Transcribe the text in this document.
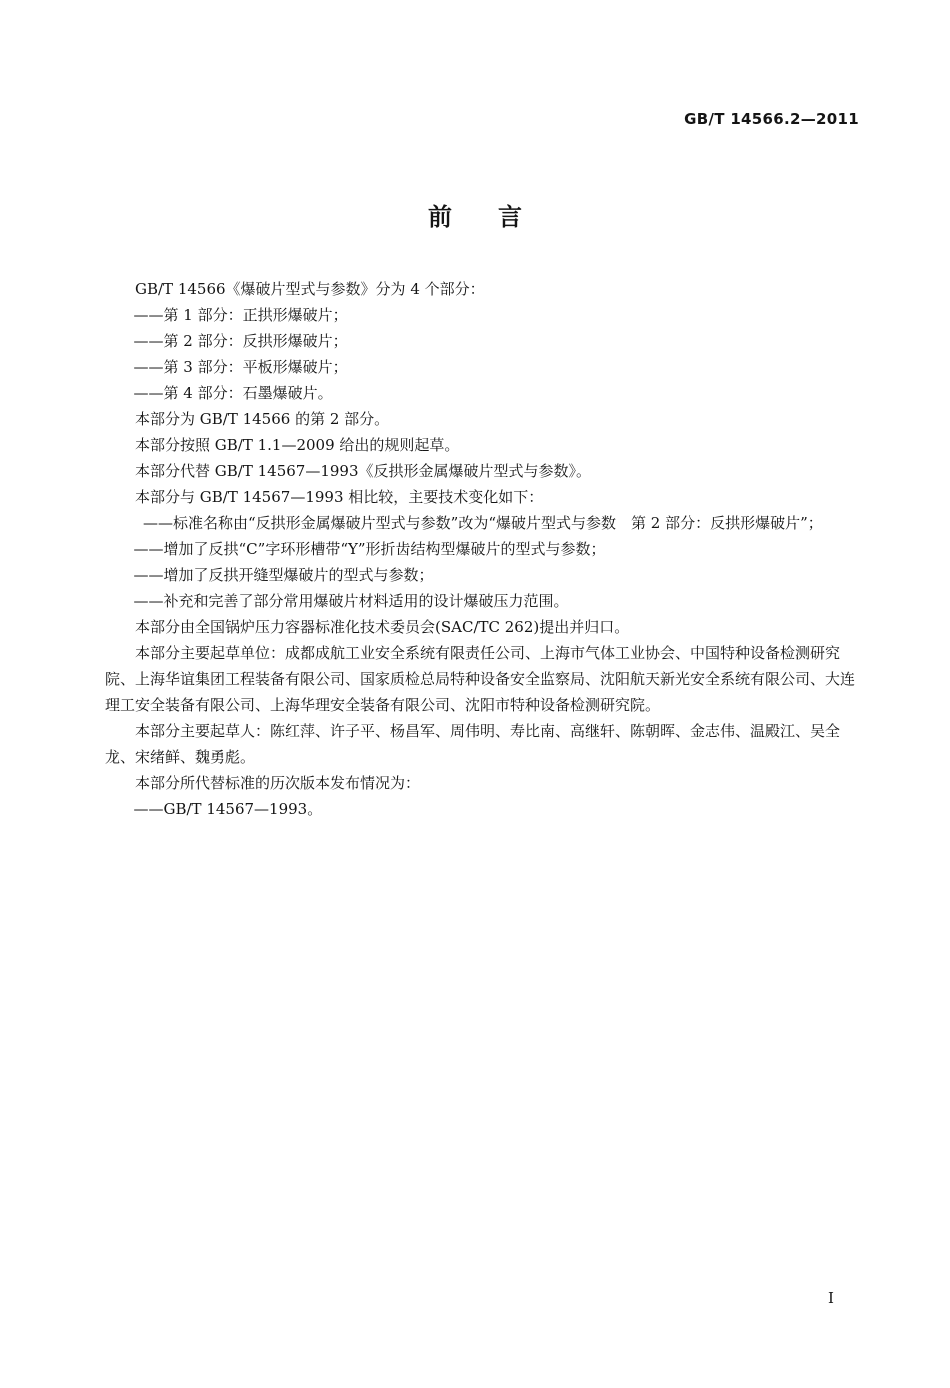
GB/T 14566.2—2011
前言

GB/T 14566《爆破片型式与参数》分为 4 个部分：

——第 1 部分：正拱形爆破片；

——第 2 部分：反拱形爆破片；

——第 3 部分：平板形爆破片；

——第 4 部分：石墨爆破片。

本部分为 GB/T 14566 的第 2 部分。

本部分按照 GB/T 1.1—2009 给出的规则起草。

本部分代替 GB/T 14567—1993《反拱形金属爆破片型式与参数》。

本部分与 GB/T 14567—1993 相比较，主要技术变化如下：

——标准名称由“反拱形金属爆破片型式与参数”改为“爆破片型式与参数　第 2 部分：反拱形爆破片”；

——增加了反拱“C”字环形槽带“Y”形折齿结构型爆破片的型式与参数；

——增加了反拱开缝型爆破片的型式与参数；

——补充和完善了部分常用爆破片材料适用的设计爆破压力范围。

本部分由全国锅炉压力容器标准化技术委员会(SAC/TC 262)提出并归口。

本部分主要起草单位：成都成航工业安全系统有限责任公司、上海市气体工业协会、中国特种设备检测研究院、上海华谊集团工程装备有限公司、国家质检总局特种设备安全监察局、沈阳航天新光安全系统有限公司、大连理工安全装备有限公司、上海华理安全装备有限公司、沈阳市特种设备检测研究院。

本部分主要起草人：陈红萍、许子平、杨昌军、周伟明、寿比南、高继轩、陈朝晖、金志伟、温殿江、吴全龙、宋绪鲜、魏勇彪。

本部分所代替标准的历次版本发布情况为：

——GB/T 14567—1993。

I
